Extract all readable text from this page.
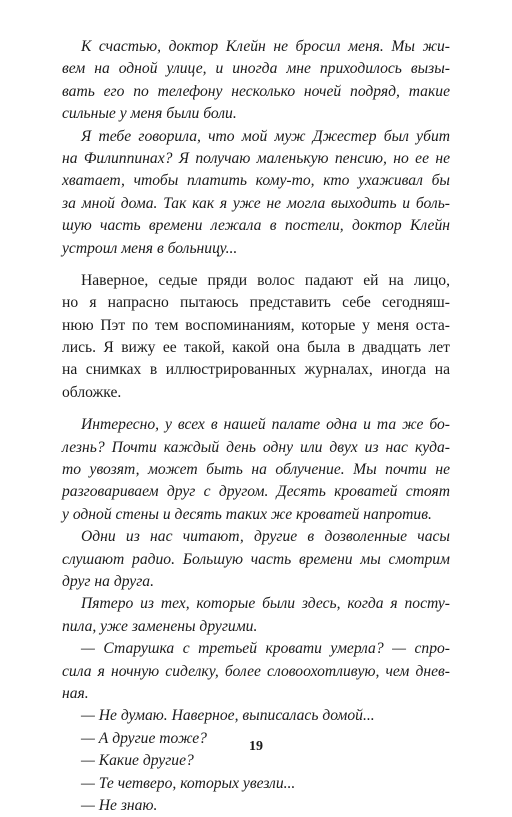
К счастью, доктор Клейн не бросил меня. Мы жи-
вем на одной улице, и иногда мне приходилось вызы-
вать его по телефону несколько ночей подряд, такие
сильные у меня были боли.
Я тебе говорила, что мой муж Джестер был убит
на Филиппинах? Я получаю маленькую пенсию, но ее не
хватает, чтобы платить кому-то, кто ухаживал бы
за мной дома. Так как я уже не могла выходить и боль-
шую часть времени лежала в постели, доктор Клейн
устроил меня в больницу...
Наверное, седые пряди волос падают ей на лицо,
но я напрасно пытаюсь представить себе сегодняш-
нюю Пэт по тем воспоминаниям, которые у меня оста-
лись. Я вижу ее такой, какой она была в двадцать лет
на снимках в иллюстрированных журналах, иногда на
обложке.
Интересно, у всех в нашей палате одна и та же бо-
лезнь? Почти каждый день одну или двух из нас куда-
то увозят, может быть на облучение. Мы почти не
разговариваем друг с другом. Десять кроватей стоят
у одной стены и десять таких же кроватей напротив.
Одни из нас читают, другие в дозволенные часы
слушают радио. Большую часть времени мы смотрим
друг на друга.
Пятеро из тех, которые были здесь, когда я посту-
пила, уже заменены другими.
— Старушка с третьей кровати умерла? — спро-
сила я ночную сиделку, более словоохотливую, чем днев-
ная.
— Не думаю. Наверное, выписалась домой...
— А другие тоже?
— Какие другие?
— Те четверо, которых увезли...
— Не знаю.
19
